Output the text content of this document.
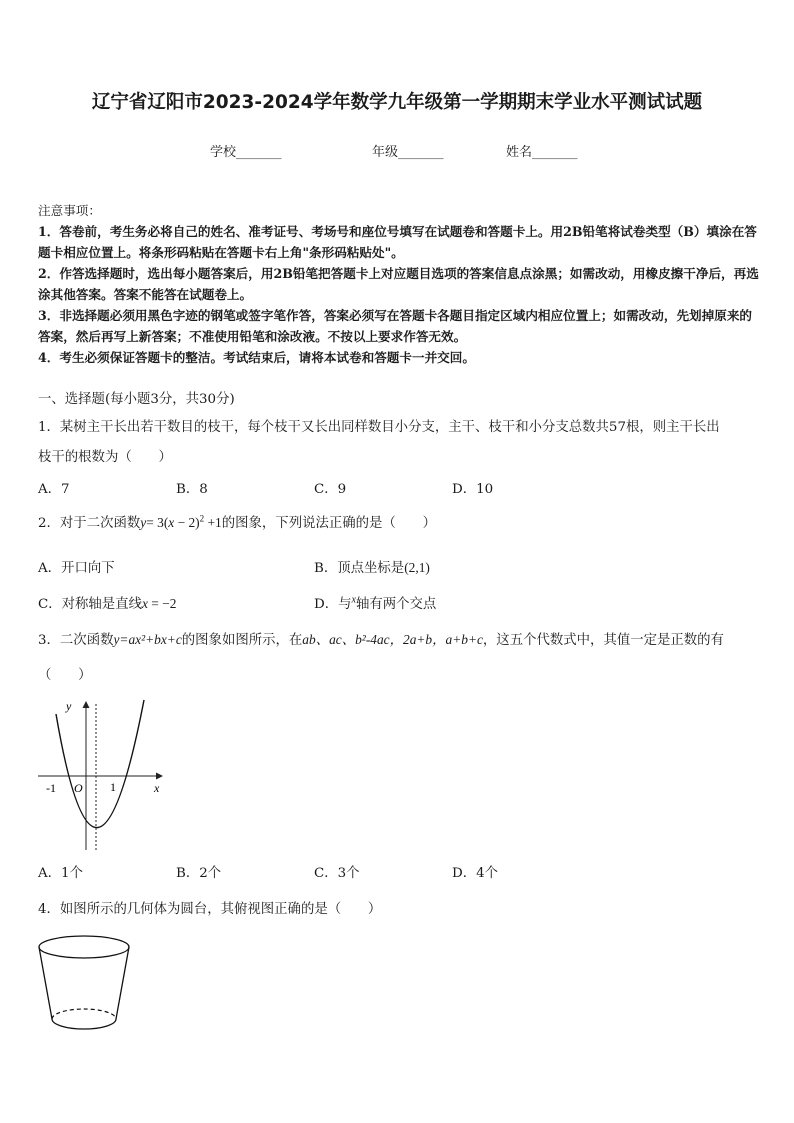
辽宁省辽阳市2023-2024学年数学九年级第一学期期末学业水平测试试题
学校_______	年级_______	姓名_______
注意事项：
1．答卷前，考生务必将自己的姓名、准考证号、考场号和座位号填写在试题卷和答题卡上。用2B铅笔将试卷类型（B）填涂在答题卡相应位置上。将条形码粘贴在答题卡右上角"条形码粘贴处"。
2．作答选择题时，选出每小题答案后，用2B铅笔把答题卡上对应题目选项的答案信息点涂黑；如需改动，用橡皮擦干净后，再选涂其他答案。答案不能答在试题卷上。
3．非选择题必须用黑色字迹的钢笔或签字笔作答，答案必须写在答题卡各题目指定区域内相应位置上；如需改动，先划掉原来的答案，然后再写上新答案；不准使用铅笔和涂改液。不按以上要求作答无效。
4．考生必须保证答题卡的整洁。考试结束后，请将本试卷和答题卡一并交回。
一、选择题(每小题3分，共30分)
1．某树主干长出若干数目的枝干，每个枝干又长出同样数目小分支，主干、枝干和小分支总数共57根，则主干长出
枝干的根数为（　　）
A．7	B．8	C．9	D．10
2．对于二次函数$y= 3(x - 2)^2 +1$的图象，下列说法正确的是（　　）
A．开口向下	B．顶点坐标是(2,1)
C．对称轴是直线x = −2	D．与$^x$轴有两个交点
3．二次函数y=ax²+bx+c的图象如图所示，在ab、ac、b²-4ac，2a+b，a+b+c，这五个代数式中，其值一定是正数的有
（　　）
y
x
O
-1	1
A．1个	B．2个	C．3个	D．4个
4．如图所示的几何体为圆台，其俯视图正确的是（　　）
